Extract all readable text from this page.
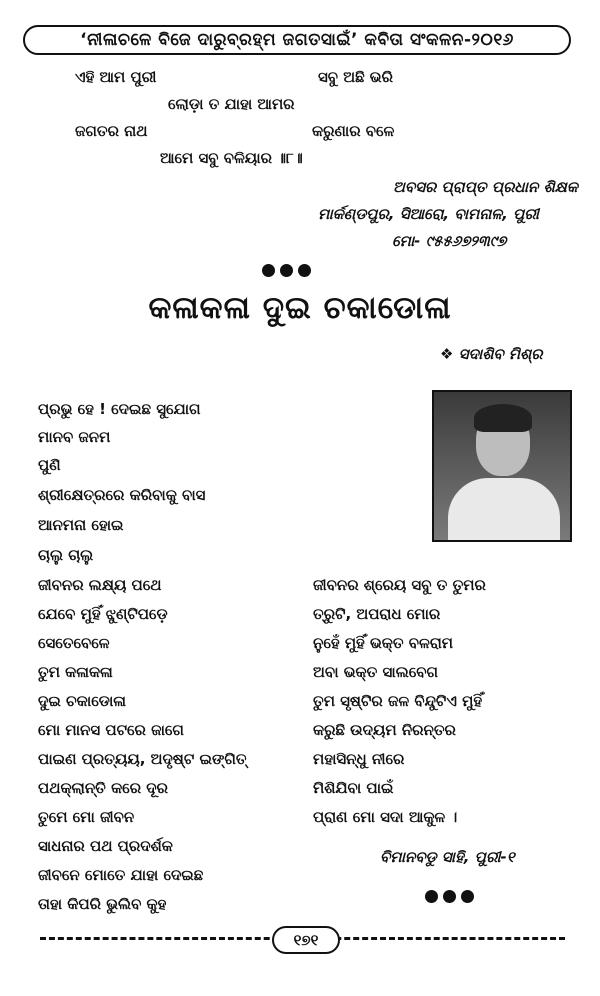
‘ନୀଳାଚଳେ ବିଜେ ଦାରୁବ୍ରହ୍ମ ଜଗତସାଇଁ’ କବିତା ସଂକଳନ-୨୦୧୬
ଏହି ଆମ ପୁରୀ	ସବୁ ଅଛି ଭରି
ଲୋଡ଼ା ତ ଯାହା ଆମର
ଜଗତର ନାଥ	କରୁଣାର ବଳେ
ଆମେ ସବୁ ବଳିୟାର ॥୮॥
ଅବସର ପ୍ରାପ୍ତ ପ୍ରଧାନ ଶିକ୍ଷକ
ମାର୍କଣ୍ଡପୁର, ସିଆରୋ, ବାମନାଳ, ପୁରୀ
ମୋ- ୯୫୫୬୭୨୩୯୭
କଳାକଳା ଦୁଇ ଚକାଡୋଳା
❖ ସଦାଶିବ ମିଶ୍ର
ପ୍ରଭୁ ହେ ! ଦେଇଛ ସୁଯୋଗ
ମାନବ ଜନମ
ପୁଣି
ଶ୍ରୀକ୍ଷେତ୍ରରେ କରିବାକୁ ବାସ
ଆନମନା ହୋଇ
ଚାଲୁ ଚାଲୁ
ଜୀବନର ଲକ୍ଷ୍ୟ ପଥେ
ଯେବେ ମୁହିଁ ଝୁଣ୍ଟିପଡ଼େ
ସେତେବେଳେ
ତୁମ କଳାକଳା
ଦୁଇ ଚକାଡୋଳା
ମୋ ମାନସ ପଟରେ ଜାଗେ
ପାଇଣ ପ୍ରତ୍ୟୟ, ଅଦୃଷ୍ଟ ଇଙ୍ଗିତ୍
ପଥକ୍ଲାନ୍ତି କରେ ଦୂର
ତୁମେ ମୋ ଜୀବନ
ସାଧନାର ପଥ ପ୍ରଦର୍ଶକ
ଜୀବନେ ମୋତେ ଯାହା ଦେଇଛ
ତାହା କିପରି ଭୁଲିବ କୁହ
ଜୀବନର ଶ୍ରେୟ ସବୁ ତ ତୁମର
ତ୍ରୁଟି, ଅପରାଧ ମୋର
ନୁହେଁ ମୁହିଁ ଭକ୍ତ ବଳରାମ
ଅବା ଭକ୍ତ ସାଲବେଗ
ତୁମ ସୃଷ୍ଟିର ଜଳ ବିନ୍ଦୁଟିଏ ମୁହିଁ
କରୁଛି ଉଦ୍ୟମ ନିରନ୍ତର
ମହାସିନ୍ଧୁ ନୀରେ
ମିଶିଯିବା ପାଇଁ
ପ୍ରାଣ ମୋ ସଦା ଆକୁଳ ।
ବିମାନବଡୁ ସାହି, ପୁରୀ-୧
୧୭୧
